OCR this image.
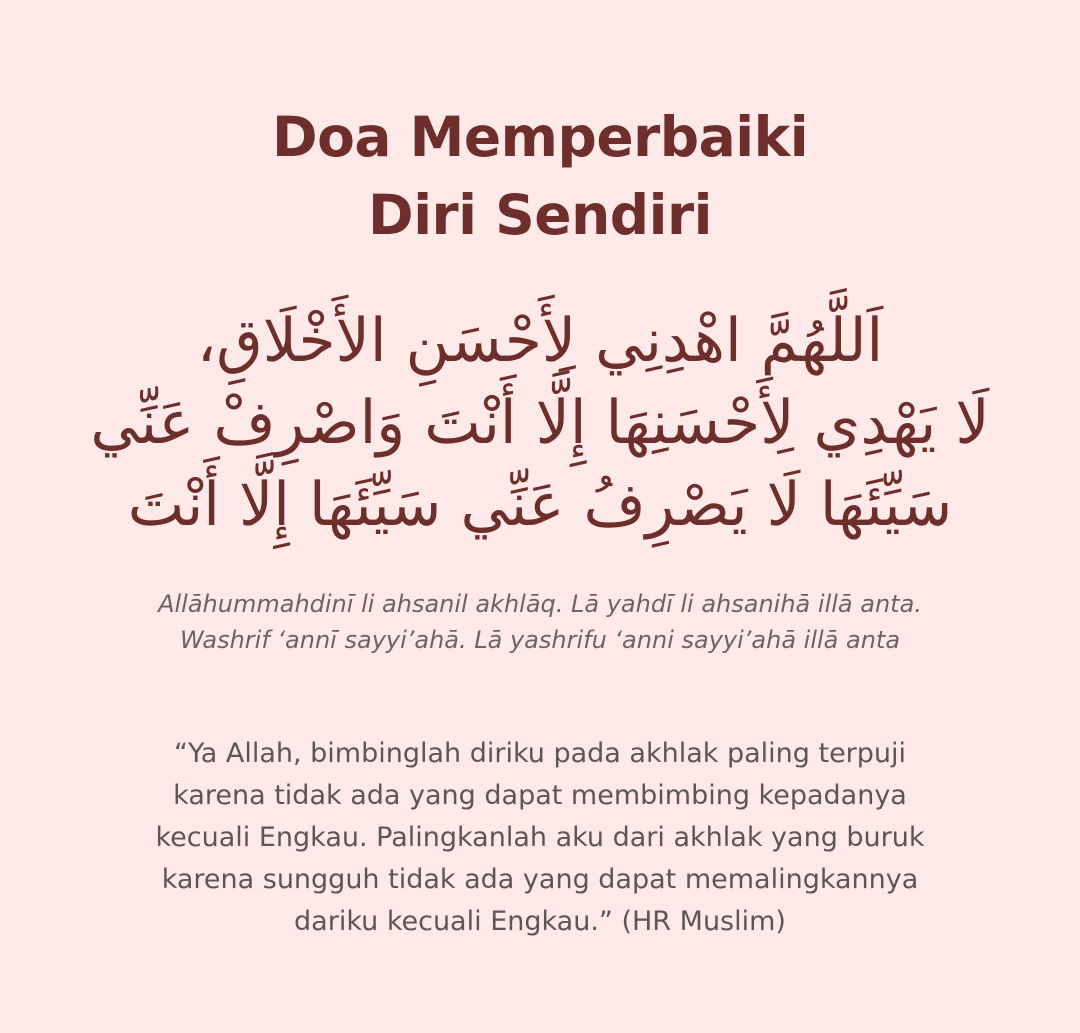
Doa Memperbaiki
Diri Sendiri
اَللَّهُمَّ اهْدِنِي لِأَحْسَنِ الأَخْلَاقِ،
لَا يَهْدِي لِأَحْسَنِهَا إِلَّا أَنْتَ وَاصْرِفْ عَنِّي
سَيِّئَهَا لَا يَصْرِفُ عَنِّي سَيِّئَهَا إِلَّا أَنْتَ
Allāhummahdinī li ahsanil akhlāq. Lā yahdī li ahsanihā illā anta.
Washrif ‘annī sayyi’ahā. Lā yashrifu ‘anni sayyi’ahā illā anta
“Ya Allah, bimbinglah diriku pada akhlak paling terpuji
karena tidak ada yang dapat membimbing kepadanya
kecuali Engkau. Palingkanlah aku dari akhlak yang buruk
karena sungguh tidak ada yang dapat memalingkannya
dariku kecuali Engkau.” (HR Muslim)
